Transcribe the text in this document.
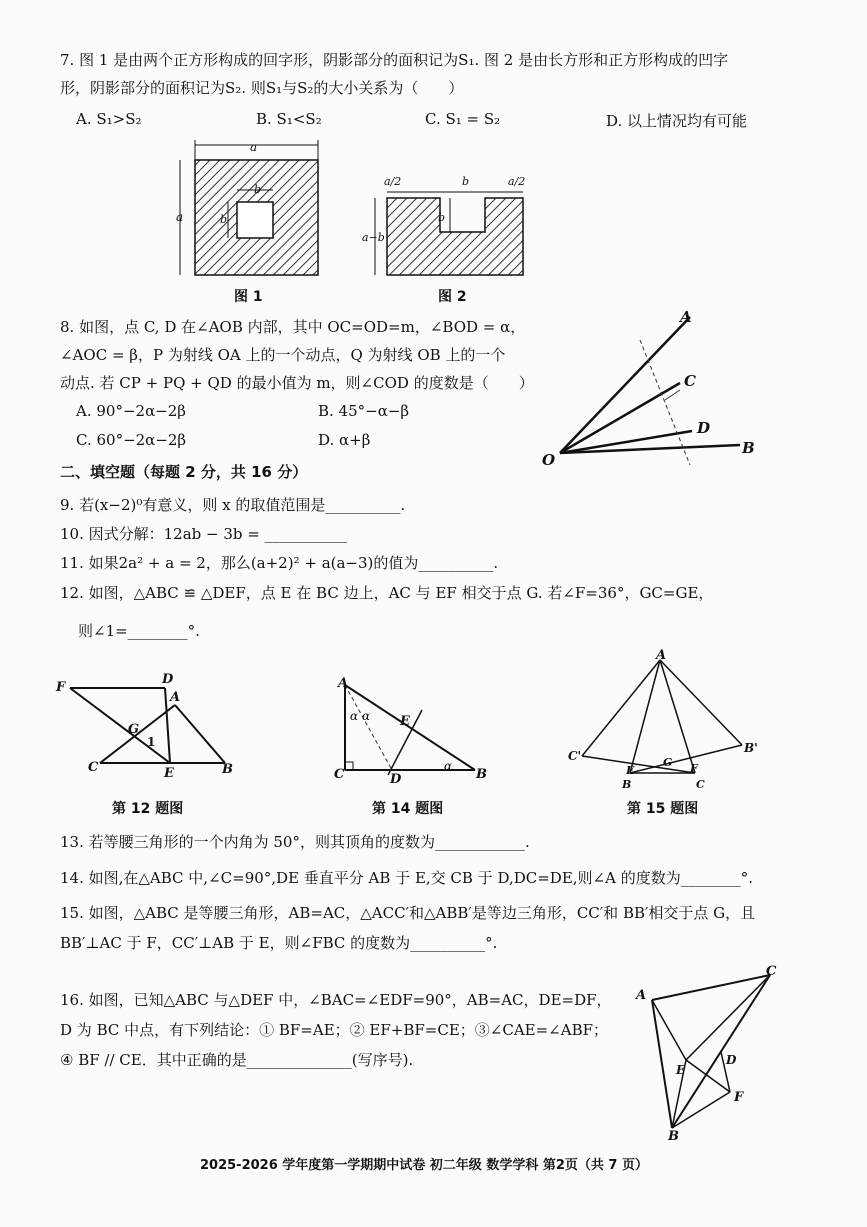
7. 图 1 是由两个正方形构成的回字形，阴影部分的面积记为S₁. 图 2 是由长方形和正方形构成的凹字
形，阴影部分的面积记为S₂. 则S₁与S₂的大小关系为（　　）
A. S₁>S₂	B. S₁<S₂	C. S₁ = S₂	D. 以上情况均有可能
a
a
b
b
图 1
a/2	b	a/2
a−b
b
图 2
8. 如图，点 C, D 在∠AOB 内部，其中 OC=OD=m，∠BOD = α，
∠AOC = β，P 为射线 OA 上的一个动点，Q 为射线 OB 上的一个
动点. 若 CP + PQ + QD 的最小值为 m，则∠COD 的度数是（　　）
A. 90°−2α−2β	B. 45°−α−β
C. 60°−2α−2β	D. α+β
A
C
D
B
O
二、填空题（每题 2 分，共 16 分）
9. 若(x−2)⁰有意义，则 x 的取值范围是__________.
10. 因式分解：12ab − 3b = ___________
11. 如果2a² + a = 2，那么(a+2)² + a(a−3)的值为__________.
12. 如图，△ABC ≌ △DEF，点 E 在 BC 边上，AC 与 EF 相交于点 G. 若∠F=36°，GC=GE，
则∠1=________°.
F
D
A
G
1
C	E	B
第 12 题图
A
E
C	D	B
α α
α
第 14 题图
A
C'
B'
E
G F
B	C
第 15 题图
13. 若等腰三角形的一个内角为 50°，则其顶角的度数为____________.
14. 如图,在△ABC 中,∠C=90°,DE 垂直平分 AB 于 E,交 CB 于 D,DC=DE,则∠A 的度数为________°.
15. 如图，△ABC 是等腰三角形，AB=AC，△ACC′和△ABB′是等边三角形，CC′和 BB′相交于点 G，且
BB′⊥AC 于 F，CC′⊥AB 于 E，则∠FBC 的度数为__________°.
16. 如图，已知△ABC 与△DEF 中，∠BAC=∠EDF=90°，AB=AC，DE=DF，
D 为 BC 中点，有下列结论：① BF=AE；② EF+BF=CE；③∠CAE=∠ABF；
④ BF // CE．其中正确的是______________(写序号).
A
C
E
D
F
B
2025-2026 学年度第一学期期中试卷 初二年级 数学学科 第2页（共 7 页）
